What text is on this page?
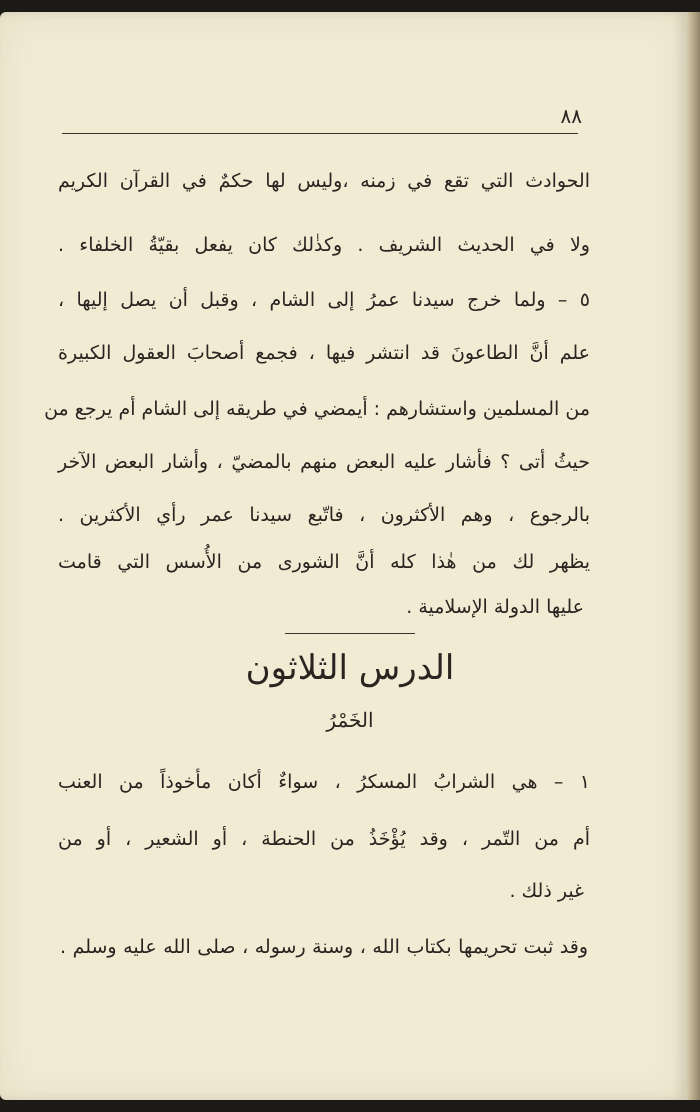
٨٨
الحوادث التي تقع في زمنه ،وليس لها حكمٌ في القرآن الكريم
ولا في الحديث الشريف . وكذٰلك كان يفعل بقيّةُ الخلفاء .
٥ – ولما خرج سيدنا عمرُ إلى الشام ، وقبل أن يصل إليها ،
علم أنَّ الطاعونَ قد انتشر فيها ، فجمع أصحابَ العقول الكبيرة
من المسلمين واستشارهم : أيمضي في طريقه إلى الشام أم يرجع من
حيثُ أتى ؟ فأشار عليه البعض منهم بالمضيّ ، وأشار البعض الآخر
بالرجوع ، وهم الأكثرون ، فاتّبع سيدنا عمر رأي الأكثرين .
يظهر لك من هٰذا كله أنَّ الشورى من الأُسس التي قامت
عليها الدولة الإسلامية .
الدرس الثلاثون
الخَمْرُ
١ – هي الشرابُ المسكرُ ، سواءٌ أكان مأخوذاً من العنب
أم من التّمر ، وقد يُؤْخَذُ من الحنطة ، أو الشعير ، أو من
غير ذلك .
وقد ثبت تحريمها بكتاب الله ، وسنة رسوله ، صلى الله عليه وسلم .
